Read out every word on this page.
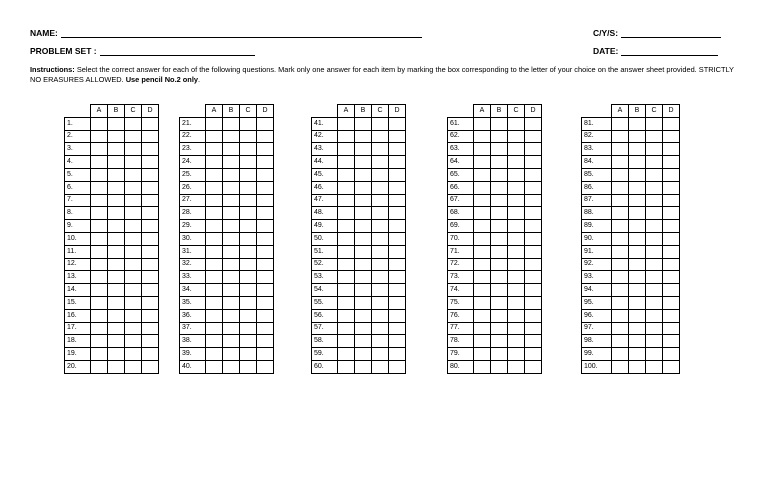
NAME:	C/Y/S:
PROBLEM SET :	DATE:
Instructions: Select the correct answer for each of the following questions. Mark only one answer for each item by marking the box corresponding to the letter of your choice on the answer sheet provided. STRICTLY NO ERASURES ALLOWED. Use pencil No.2 only.
	A	B	C	D
1.				
2.				
3.				
4.				
5.				
6.				
7.				
8.				
9.				
10.				
11.				
12.				
13.				
14.				
15.				
16.				
17.				
18.				
19.				
20.				
	A	B	C	D
21.				
22.				
23.				
24.				
25.				
26.				
27.				
28.				
29.				
30.				
31.				
32.				
33.				
34.				
35.				
36.				
37.				
38.				
39.				
40.				
	A	B	C	D
41.				
42.				
43.				
44.				
45.				
46.				
47.				
48.				
49.				
50.				
51.				
52.				
53.				
54.				
55.				
56.				
57.				
58.				
59.				
60.				
	A	B	C	D
61.				
62.				
63.				
64.				
65.				
66.				
67.				
68.				
69.				
70.				
71.				
72.				
73.				
74.				
75.				
76.				
77.				
78.				
79.				
80.				
	A	B	C	D
81.				
82.				
83.				
84.				
85.				
86.				
87.				
88.				
89.				
90.				
91.				
92.				
93.				
94.				
95.				
96.				
97.				
98.				
99.				
100.				
